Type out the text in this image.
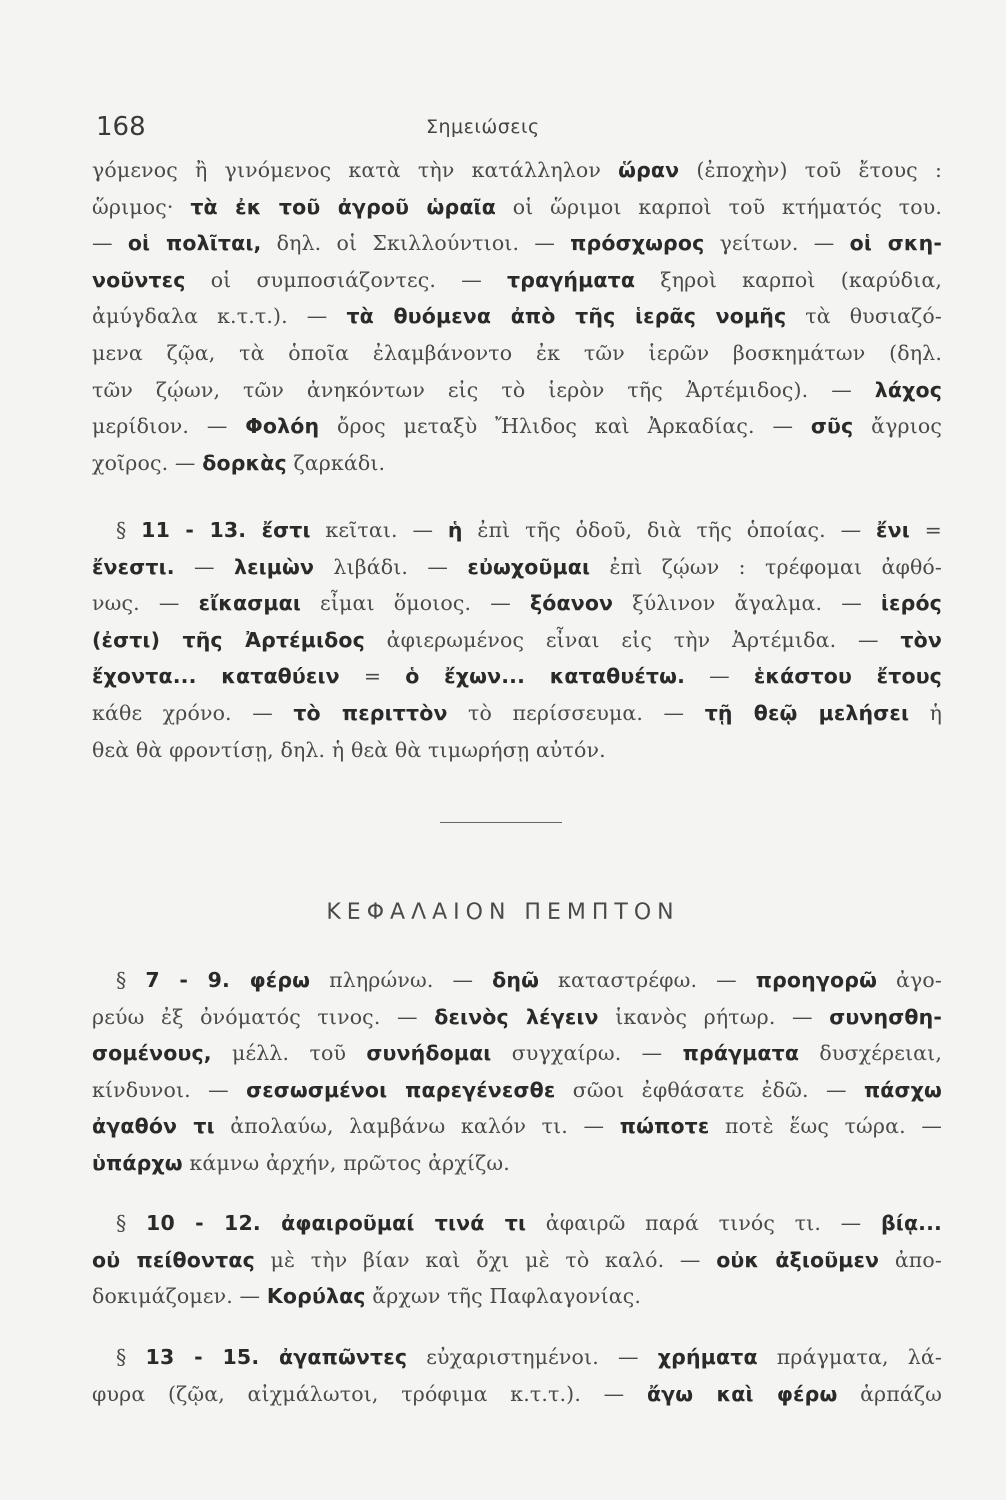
168	Σημειώσεις
γόμενος ἢ γινόμενος κατὰ τὴν κατάλληλον ὥραν (ἐποχὴν) τοῦ ἔτους :
ὥριμος· τὰ ἐκ τοῦ ἀγροῦ ὡραῖα οἱ ὥριμοι καρποὶ τοῦ κτήματός του.
— οἱ πολῖται, δηλ. οἱ Σκιλλούντιοι. — πρόσχωρος γείτων. — οἱ σκη-
νοῦντες οἱ συμποσιάζοντες. — τραγήματα ξηροὶ καρποὶ (καρύδια,
ἀμύγδαλα κ.τ.τ.). — τὰ θυόμενα ἀπὸ τῆς ἱερᾶς νομῆς τὰ θυσιαζό-
μενα ζῷα, τὰ ὁποῖα ἐλαμβάνοντο ἐκ τῶν ἱερῶν βοσκημάτων (δηλ.
τῶν ζῴων, τῶν ἀνηκόντων εἰς τὸ ἱερὸν τῆς Ἀρτέμιδος). — λάχος
μερίδιον. — Φολόη ὄρος μεταξὺ Ἤλιδος καὶ Ἀρκαδίας. — σῦς ἄγριος
χοῖρος. — δορκὰς ζαρκάδι.
§ 11 - 13. ἔστι κεῖται. — ἡ ἐπὶ τῆς ὁδοῦ, διὰ τῆς ὁποίας. — ἔνι =
ἔνεστι. — λειμὼν λιβάδι. — εὐωχοῦμαι ἐπὶ ζῴων : τρέφομαι ἀφθό-
νως. — εἴκασμαι εἶμαι ὅμοιος. — ξόανον ξύλινον ἄγαλμα. — ἱερός
(ἐστι) τῆς Ἀρτέμιδος ἀφιερωμένος εἶναι εἰς τὴν Ἀρτέμιδα. — τὸν
ἔχοντα... καταθύειν = ὁ ἔχων... καταθυέτω. — ἑκάστου ἔτους
κάθε χρόνο. — τὸ περιττὸν τὸ περίσσευμα. — τῇ θεῷ μελήσει ἡ
θεὰ θὰ φροντίσῃ, δηλ. ἡ θεὰ θὰ τιμωρήσῃ αὐτόν.
ΚΕΦΑΛΑΙΟΝ ΠΕΜΠΤΟΝ
§ 7 - 9. φέρω πληρώνω. — δηῶ καταστρέφω. — προηγορῶ ἀγο-
ρεύω ἐξ ὀνόματός τινος. — δεινὸς λέγειν ἱκανὸς ρήτωρ. — συνησθη-
σομένους, μέλλ. τοῦ συνήδομαι συγχαίρω. — πράγματα δυσχέρειαι,
κίνδυνοι. — σεσωσμένοι παρεγένεσθε σῶοι ἐφθάσατε ἐδῶ. — πάσχω
ἀγαθόν τι ἀπολαύω, λαμβάνω καλόν τι. — πώποτε ποτὲ ἕως τώρα. —
ὑπάρχω κάμνω ἀρχήν, πρῶτος ἀρχίζω.
§ 10 - 12. ἀφαιροῦμαί τινά τι ἀφαιρῶ παρά τινός τι. — βίᾳ...
οὐ πείθοντας μὲ τὴν βίαν καὶ ὄχι μὲ τὸ καλό. — οὐκ ἀξιοῦμεν ἀπο-
δοκιμάζομεν. — Κορύλας ἄρχων τῆς Παφλαγονίας.
§ 13 - 15. ἀγαπῶντες εὐχαριστημένοι. — χρήματα πράγματα, λά-
φυρα (ζῷα, αἰχμάλωτοι, τρόφιμα κ.τ.τ.). — ἄγω καὶ φέρω ἁρπάζω
